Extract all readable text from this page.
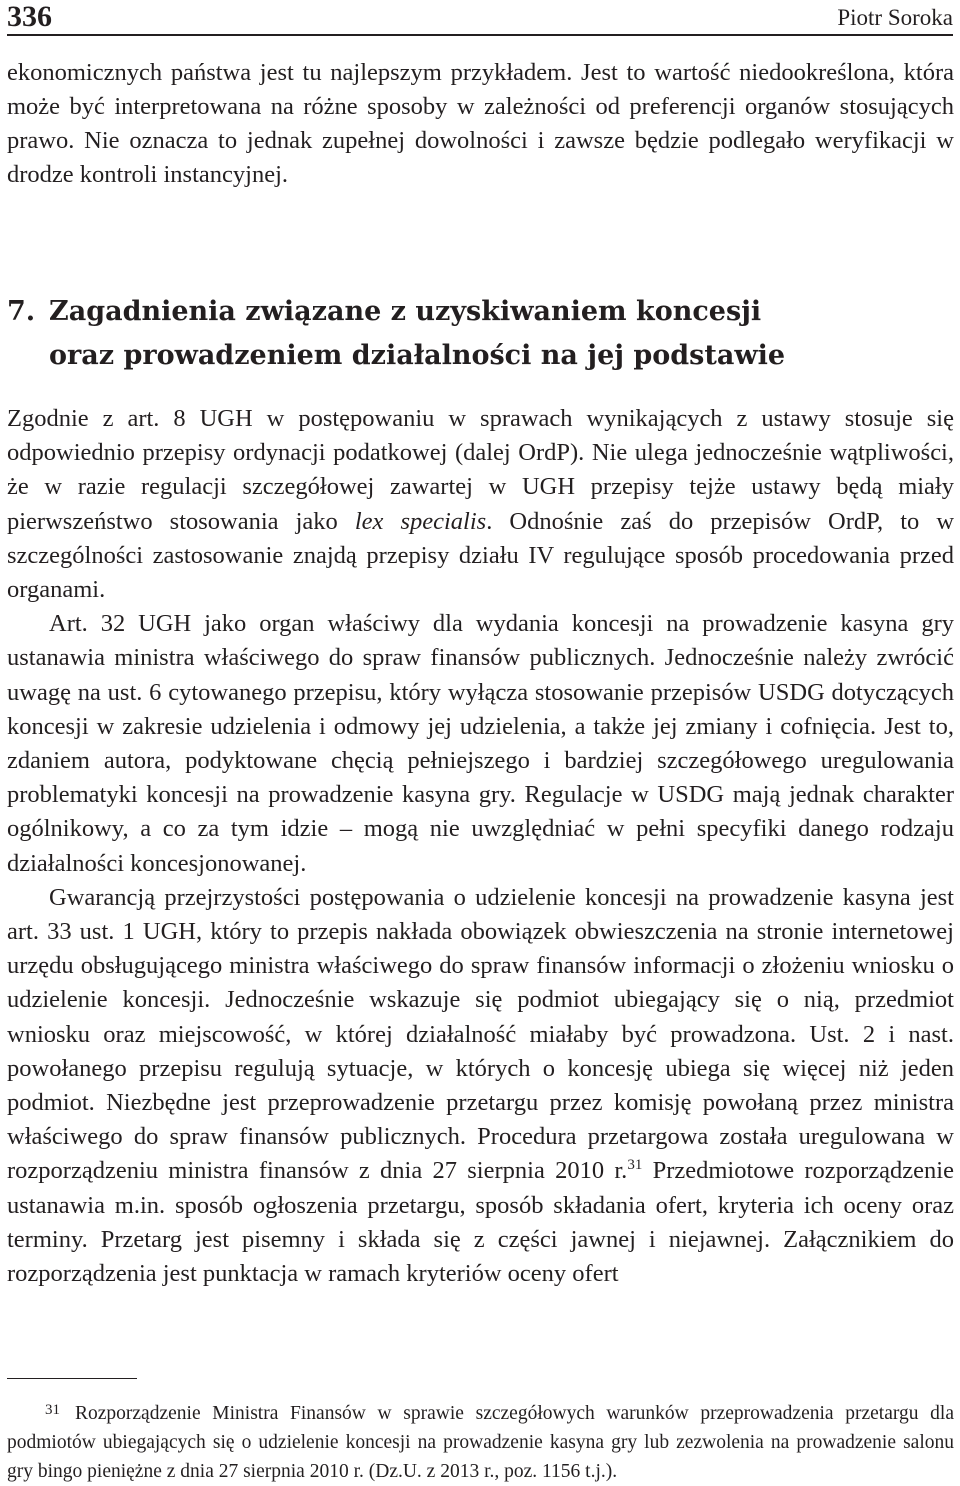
336	Piotr Soroka

ekonomicznych państwa jest tu najlepszym przykładem. Jest to wartość niedookreślona, która może być interpretowana na różne sposoby w zależności od preferencji organów stosujących prawo. Nie oznacza to jednak zupełnej dowolności i zawsze będzie podlegało weryfikacji w drodze kontroli instancyjnej.

7. Zagadnienia związane z uzyskiwaniem koncesji
oraz prowadzeniem działalności na jej podstawie

Zgodnie z art. 8 UGH w postępowaniu w sprawach wynikających z ustawy stosuje się odpowiednio przepisy ordynacji podatkowej (dalej OrdP). Nie ulega jednocześnie wątpliwości, że w razie regulacji szczegółowej zawartej w UGH przepisy tejże ustawy będą miały pierwszeństwo stosowania jako lex specialis. Odnośnie zaś do przepisów OrdP, to w szczególności zastosowanie znajdą przepisy działu IV regulujące sposób procedowania przed organami.

Art. 32 UGH jako organ właściwy dla wydania koncesji na prowadzenie kasyna gry ustanawia ministra właściwego do spraw finansów publicznych. Jednocześnie należy zwrócić uwagę na ust. 6 cytowanego przepisu, który wyłącza stosowanie przepisów USDG dotyczących koncesji w zakresie udzielenia i odmowy jej udzielenia, a także jej zmiany i cofnięcia. Jest to, zdaniem autora, podyktowane chęcią pełniejszego i bardziej szczegółowego uregulowania problematyki koncesji na prowadzenie kasyna gry. Regulacje w USDG mają jednak charakter ogólnikowy, a co za tym idzie – mogą nie uwzględniać w pełni specyfiki danego rodzaju działalności koncesjonowanej.

Gwarancją przejrzystości postępowania o udzielenie koncesji na prowadzenie kasyna jest art. 33 ust. 1 UGH, który to przepis nakłada obowiązek obwieszczenia na stronie internetowej urzędu obsługującego ministra właściwego do spraw finansów informacji o złożeniu wniosku o udzielenie koncesji. Jednocześnie wskazuje się podmiot ubiegający się o nią, przedmiot wniosku oraz miejscowość, w której działalność miałaby być prowadzona. Ust. 2 i nast. powołanego przepisu regulują sytuacje, w których o koncesję ubiega się więcej niż jeden podmiot. Niezbędne jest przeprowadzenie przetargu przez komisję powołaną przez ministra właściwego do spraw finansów publicznych. Procedura przetargowa została uregulowana w rozporządzeniu ministra finansów z dnia 27 sierpnia 2010 r.$^{31}$ Przedmiotowe rozporządzenie ustanawia m.in. sposób ogłoszenia przetargu, sposób składania ofert, kryteria ich oceny oraz terminy. Przetarg jest pisemny i składa się z części jawnej i niejawnej. Załącznikiem do rozporządzenia jest punktacja w ramach kryteriów oceny ofert

31 Rozporządzenie Ministra Finansów w sprawie szczegółowych warunków przeprowadzenia przetargu dla podmiotów ubiegających się o udzielenie koncesji na prowadzenie kasyna gry lub zezwolenia na prowadzenie salonu gry bingo pieniężne z dnia 27 sierpnia 2010 r. (Dz.U. z 2013 r., poz. 1156 t.j.).
